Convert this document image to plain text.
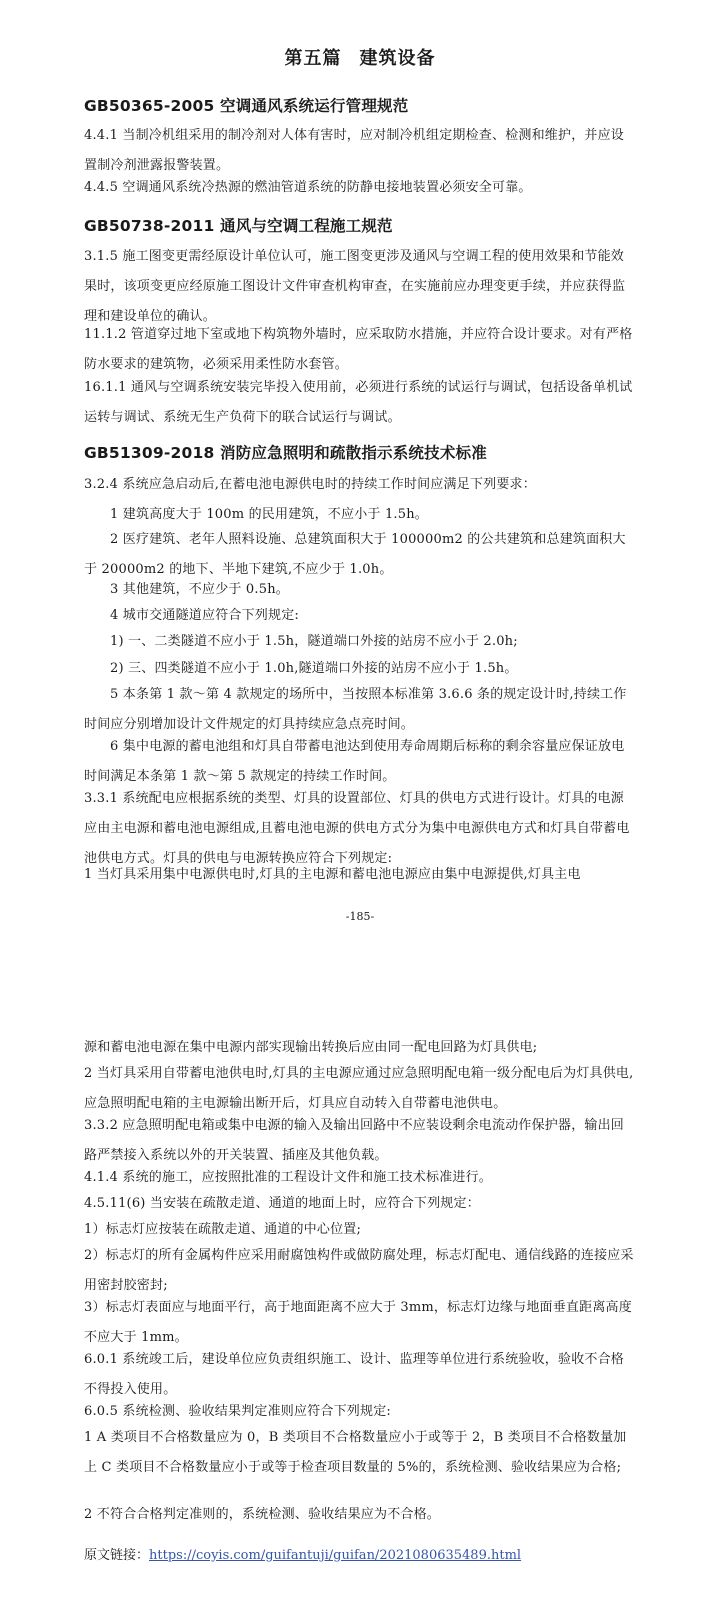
第五篇 建筑设备
GB50365-2005 空调通风系统运行管理规范
4.4.1 当制冷机组采用的制冷剂对人体有害时，应对制冷机组定期检查、检测和维护，并应设置制冷剂泄露报警装置。
4.4.5 空调通风系统冷热源的燃油管道系统的防静电接地装置必须安全可靠。
GB50738-2011 通风与空调工程施工规范
3.1.5 施工图变更需经原设计单位认可，施工图变更涉及通风与空调工程的使用效果和节能效果时，该项变更应经原施工图设计文件审查机构审查，在实施前应办理变更手续，并应获得监理和建设单位的确认。
11.1.2 管道穿过地下室或地下构筑物外墙时，应采取防水措施，并应符合设计要求。对有严格防水要求的建筑物，必须采用柔性防水套管。
16.1.1 通风与空调系统安装完毕投入使用前，必须进行系统的试运行与调试，包括设备单机试运转与调试、系统无生产负荷下的联合试运行与调试。
GB51309-2018 消防应急照明和疏散指示系统技术标准
3.2.4 系统应急启动后,在蓄电池电源供电时的持续工作时间应满足下列要求：
1 建筑高度大于 100m 的民用建筑，不应小于 1.5h。
2 医疗建筑、老年人照料设施、总建筑面积大于 100000m2 的公共建筑和总建筑面积大于 20000m2 的地下、半地下建筑,不应少于 1.0h。
3 其他建筑，不应少于 0.5h。
4 城市交通隧道应符合下列规定:
1) 一、二类隧道不应小于 1.5h，隧道端口外接的站房不应小于 2.0h;
2) 三、四类隧道不应小于 1.0h,隧道端口外接的站房不应小于 1.5h。
5 本条第 1 款～第 4 款规定的场所中，当按照本标准第 3.6.6 条的规定设计时,持续工作时间应分别增加设计文件规定的灯具持续应急点亮时间。
6 集中电源的蓄电池组和灯具自带蓄电池达到使用寿命周期后标称的剩余容量应保证放电时间满足本条第 1 款～第 5 款规定的持续工作时间。
3.3.1 系统配电应根据系统的类型、灯具的设置部位、灯具的供电方式进行设计。灯具的电源应由主电源和蓄电池电源组成,且蓄电池电源的供电方式分为集中电源供电方式和灯具自带蓄电池供电方式。灯具的供电与电源转换应符合下列规定:
1 当灯具采用集中电源供电时,灯具的主电源和蓄电池电源应由集中电源提供,灯具主电
-185-
源和蓄电池电源在集中电源内部实现输出转换后应由同一配电回路为灯具供电;
2 当灯具采用自带蓄电池供电时,灯具的主电源应通过应急照明配电箱一级分配电后为灯具供电,应急照明配电箱的主电源输出断开后，灯具应自动转入自带蓄电池供电。
3.3.2 应急照明配电箱或集中电源的输入及输出回路中不应装设剩余电流动作保护器，输出回路严禁接入系统以外的开关装置、插座及其他负载。
4.1.4 系统的施工，应按照批准的工程设计文件和施工技术标准进行。
4.5.11(6) 当安装在疏散走道、通道的地面上时，应符合下列规定：
1）标志灯应按装在疏散走道、通道的中心位置;
2）标志灯的所有金属构件应采用耐腐蚀构件或做防腐处理，标志灯配电、通信线路的连接应采用密封胶密封;
3）标志灯表面应与地面平行，高于地面距离不应大于 3mm，标志灯边缘与地面垂直距离高度不应大于 1mm。
6.0.1 系统竣工后，建设单位应负责组织施工、设计、监理等单位进行系统验收，验收不合格不得投入使用。
6.0.5 系统检测、验收结果判定准则应符合下列规定:
1 A 类项目不合格数量应为 0，B 类项目不合格数量应小于或等于 2，B 类项目不合格数量加上 C 类项目不合格数量应小于或等于检查项目数量的 5%的，系统检测、验收结果应为合格;
2 不符合合格判定准则的，系统检测、验收结果应为不合格。
原文链接：https://coyis.com/guifantuji/guifan/2021080635489.html
